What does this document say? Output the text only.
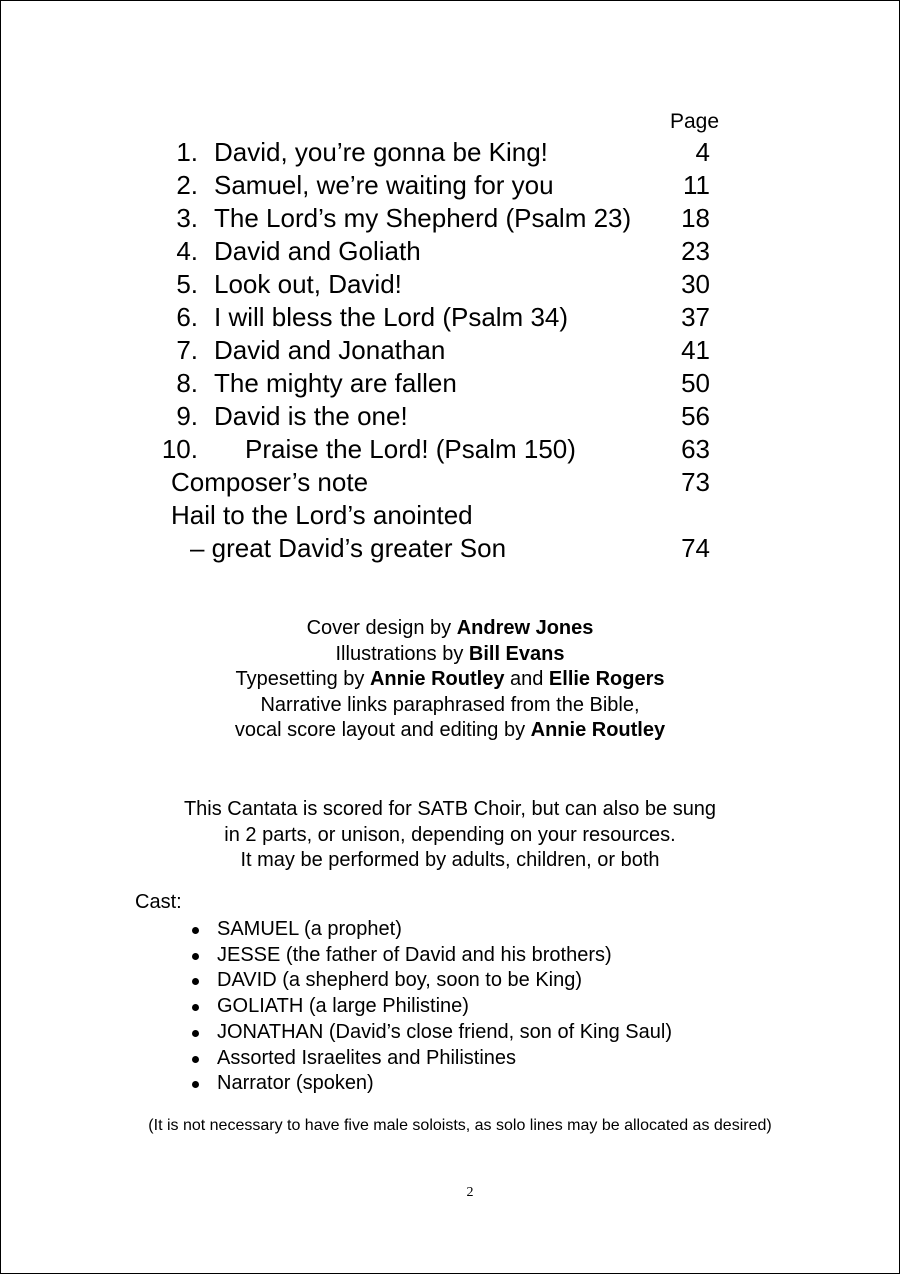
Page
1. David, you’re gonna be King!	4
2. Samuel, we’re waiting for you	11
3. The Lord’s my Shepherd (Psalm 23) 18
4. David and Goliath	23
5. Look out, David!	30
6. I will bless the Lord (Psalm 34)	37
7. David and Jonathan	41
8. The mighty are fallen	50
9. David is the one!	56
10. Praise the Lord! (Psalm 150)	63
Composer’s note	73
Hail to the Lord’s anointed
– great David’s greater Son	74
Cover design by Andrew Jones
Illustrations by Bill Evans
Typesetting by Annie Routley and Ellie Rogers
Narrative links paraphrased from the Bible,
vocal score layout and editing by Annie Routley
This Cantata is scored for SATB Choir, but can also be sung
in 2 parts, or unison, depending on your resources.
It may be performed by adults, children, or both
Cast:
SAMUEL (a prophet)
JESSE (the father of David and his brothers)
DAVID (a shepherd boy, soon to be King)
GOLIATH (a large Philistine)
JONATHAN (David’s close friend, son of King Saul)
Assorted Israelites and Philistines
Narrator (spoken)
(It is not necessary to have five male soloists, as solo lines may be allocated as desired)
2
